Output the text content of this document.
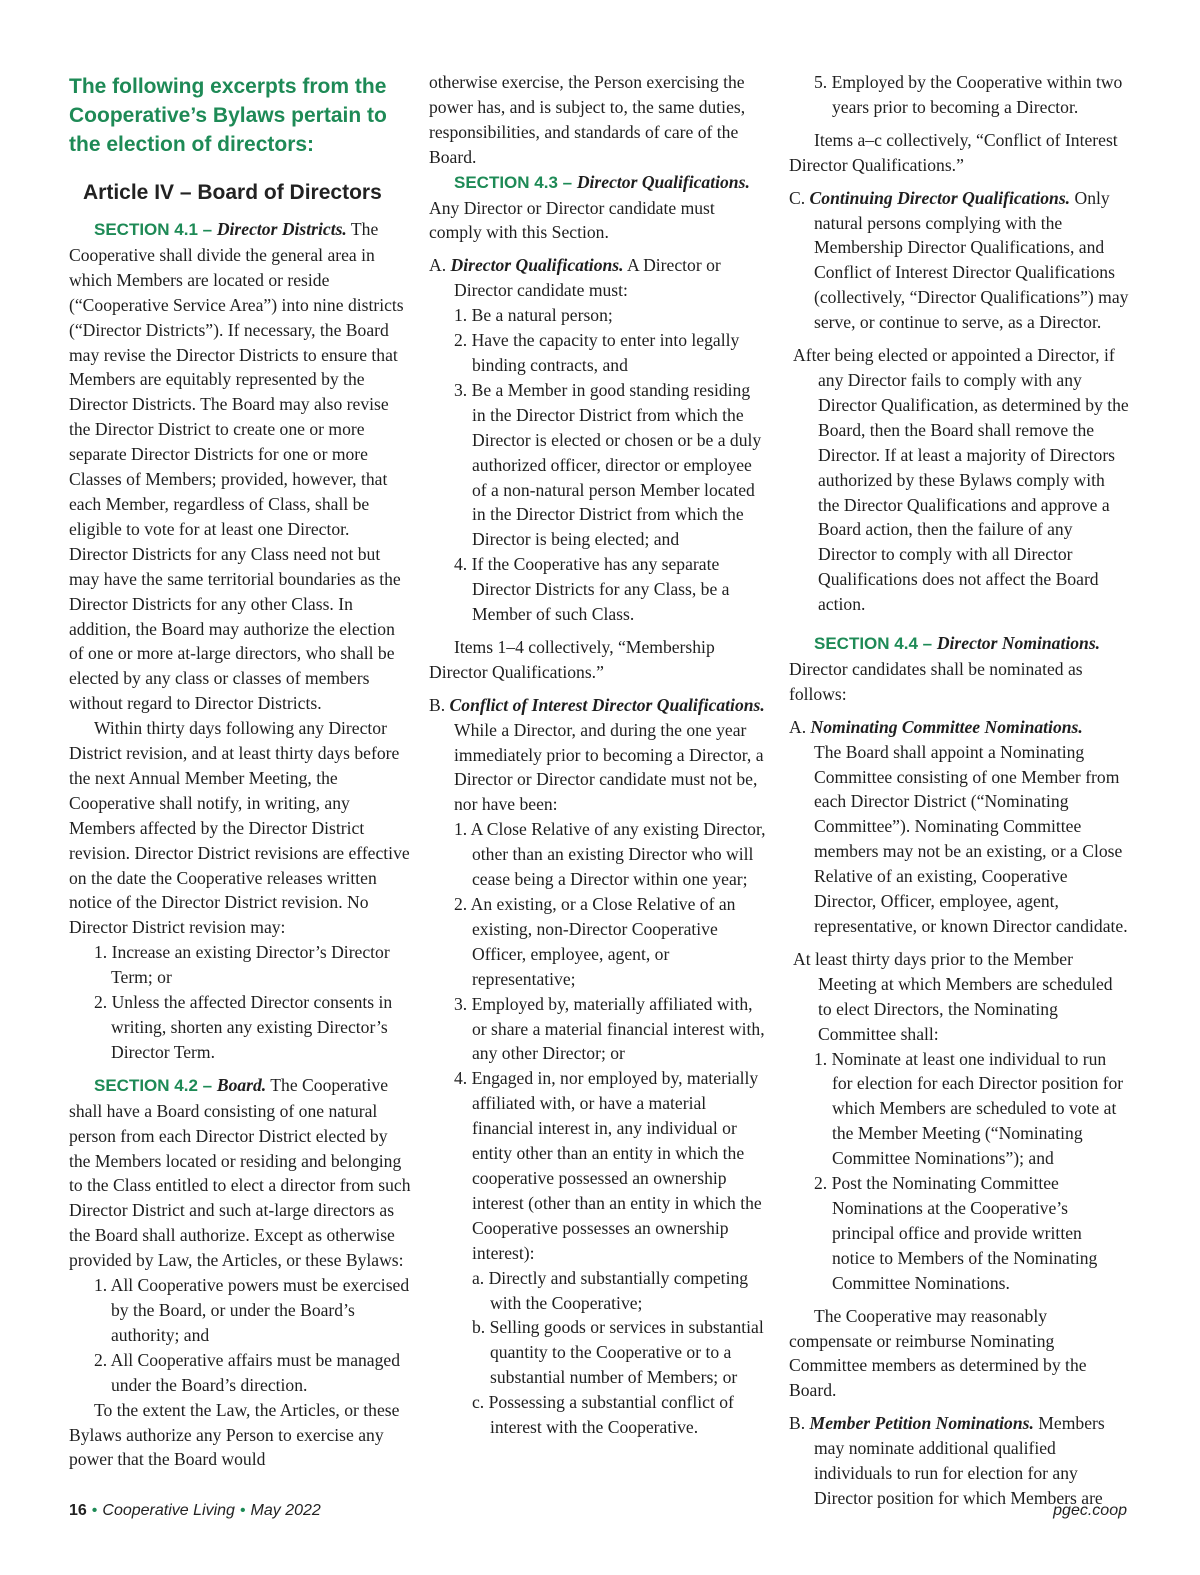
The following excerpts from the Cooperative’s Bylaws pertain to the election of directors:

Article IV – Board of Directors

SECTION 4.1 – Director Districts. The Cooperative shall divide the general area in which Members are located or reside (“Cooperative Service Area”) into nine districts (“Director Districts”). If necessary, the Board may revise the Director Districts to ensure that Members are equitably represented by the Director Districts. The Board may also revise the Director District to create one or more separate Director Districts for one or more Classes of Members; provided, however, that each Member, regardless of Class, shall be eligible to vote for at least one Director. Director Districts for any Class need not but may have the same territorial boundaries as the Director Districts for any other Class. In addition, the Board may authorize the election of one or more at-large directors, who shall be elected by any class or classes of members without regard to Director Districts.

Within thirty days following any Director District revision, and at least thirty days before the next Annual Member Meeting, the Cooperative shall notify, in writing, any Members affected by the Director District revision. Director District revisions are effective on the date the Cooperative releases written notice of the Director District revision. No Director District revision may:

1. Increase an existing Director’s Director Term; or

2. Unless the affected Director consents in writing, shorten any existing Director’s Director Term.

SECTION 4.2 – Board. The Cooperative shall have a Board consisting of one natural person from each Director District elected by the Members located or residing and belonging to the Class entitled to elect a director from such Director District and such at-large directors as the Board shall authorize. Except as otherwise provided by Law, the Articles, or these Bylaws:

1. All Cooperative powers must be exercised by the Board, or under the Board’s authority; and

2. All Cooperative affairs must be managed under the Board’s direction.

To the extent the Law, the Articles, or these Bylaws authorize any Person to exercise any power that the Board would

otherwise exercise, the Person exercising the power has, and is subject to, the same duties, responsibilities, and standards of care of the Board.

SECTION 4.3 – Director Qualifications. Any Director or Director candidate must comply with this Section.

A. Director Qualifications. A Director or Director candidate must:

1. Be a natural person;

2. Have the capacity to enter into legally binding contracts, and

3. Be a Member in good standing residing in the Director District from which the Director is elected or chosen or be a duly authorized officer, director or employee of a non-natural person Member located in the Director District from which the Director is being elected; and

4. If the Cooperative has any separate Director Districts for any Class, be a Member of such Class.

Items 1–4 collectively, “Membership Director Qualifications.”

B. Conflict of Interest Director Qualifications.

While a Director, and during the one year immediately prior to becoming a Director, a Director or Director candidate must not be, nor have been:

1. A Close Relative of any existing Director, other than an existing Director who will cease being a Director within one year;

2. An existing, or a Close Relative of an existing, non-Director Cooperative Officer, employee, agent, or representative;

3. Employed by, materially affiliated with, or share a material financial interest with, any other Director; or

4. Engaged in, nor employed by, materially affiliated with, or have a material financial interest in, any individual or entity other than an entity in which the cooperative possessed an ownership interest (other than an entity in which the Cooperative possesses an ownership interest):

a. Directly and substantially competing with the Cooperative;

b. Selling goods or services in substantial quantity to the Cooperative or to a substantial number of Members; or

c. Possessing a substantial conflict of interest with the Cooperative.

5. Employed by the Cooperative within two years prior to becoming a Director.

Items a–c collectively, “Conflict of Interest Director Qualifications.”

C. Continuing Director Qualifications. Only natural persons complying with the Membership Director Qualifications, and Conflict of Interest Director Qualifications (collectively, “Director Qualifications”) may serve, or continue to serve, as a Director.

After being elected or appointed a Director, if any Director fails to comply with any Director Qualification, as determined by the Board, then the Board shall remove the Director. If at least a majority of Directors authorized by these Bylaws comply with the Director Qualifications and approve a Board action, then the failure of any Director to comply with all Director Qualifications does not affect the Board action.

SECTION 4.4 – Director Nominations.

Director candidates shall be nominated as follows:

A. Nominating Committee Nominations.

The Board shall appoint a Nominating Committee consisting of one Member from each Director District (“Nominating Committee”). Nominating Committee members may not be an existing, or a Close Relative of an existing, Cooperative Director, Officer, employee, agent, representative, or known Director candidate.

At least thirty days prior to the Member Meeting at which Members are scheduled to elect Directors, the Nominating Committee shall:

1. Nominate at least one individual to run for election for each Director position for which Members are scheduled to vote at the Member Meeting (“Nominating Committee Nominations”); and

2. Post the Nominating Committee Nominations at the Cooperative’s principal office and provide written notice to Members of the Nominating Committee Nominations.

The Cooperative may reasonably compensate or reimburse Nominating Committee members as determined by the Board.

B. Member Petition Nominations. Members may nominate additional qualified individuals to run for election for any Director position for which Members are

16 • Cooperative Living • May 2022	pgec.coop
